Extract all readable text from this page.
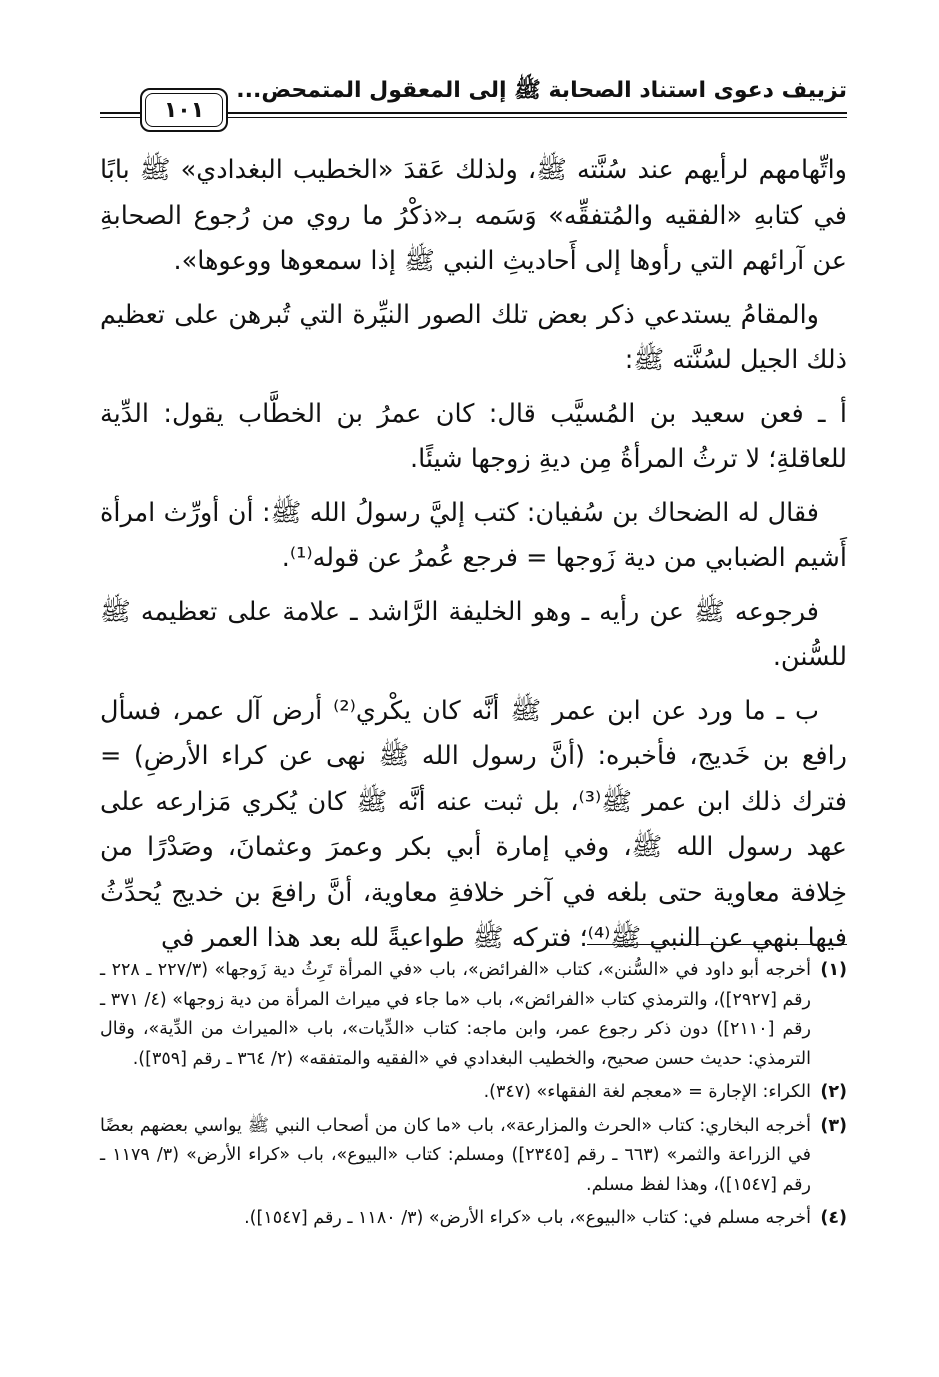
تزييف دعوى استناد الصحابة ﷺ إلى المعقول المتمحض...
١٠١

واتِّهامهم لرأيهم عند سُنَّته ﷺ، ولذلك عَقدَ «الخطيب البغدادي» ﷺ بابًا في كتابهِ «الفقيه والمُتفقِّه» وَسَمه بـ«ذكْرُ ما روي من رُجوع الصحابةِ عن آرائهم التي رأوها إلى أَحاديثِ النبي ﷺ إذا سمعوها ووعوها».

والمقامُ يستدعي ذكر بعض تلك الصور النيِّرة التي تُبرهن على تعظيم ذلك الجيل لسُنَّته ﷺ:

أ ـ فعن سعيد بن المُسيَّب قال: كان عمرُ بن الخطَّاب يقول: الدِّية للعاقلةِ؛ لا ترثُ المرأةُ مِن ديةِ زوجها شيئًا.

فقال له الضحاك بن سُفيان: كتب إليَّ رسولُ الله ﷺ: أن أورِّث امرأة أَشيم الضبابي من دية زَوجها = فرجع عُمرُ عن قوله⁽¹⁾.

فرجوعه ﷺ عن رأيه ـ وهو الخليفة الرَّاشد ـ علامة على تعظيمه ﷺ للسُّنن.

ب ـ ما ورد عن ابن عمر ﷺ أنَّه كان يكْري⁽²⁾ أرض آل عمر، فسأل رافع بن خَديج، فأخبره: (أنَّ رسول الله ﷺ نهى عن كراء الأرضِ) = فترك ذلك ابن عمر ﷺ⁽³⁾، بل ثبت عنه أنَّه ﷺ كان يُكري مَزارعه على عهد رسول الله ﷺ، وفي إمارة أبي بكر وعمرَ وعثمانَ، وصَدْرًا من خِلافة معاوية حتى بلغه في آخر خلافةِ معاوية، أنَّ رافعَ بن خديج يُحدِّثُ فيها بنهي عن النبي ﷺ⁽⁴⁾؛ فتركه ﷺ طواعيةً لله بعد هذا العمر في

(١)
أخرجه أبو داود في «السُّنن»، كتاب «الفرائض»، باب «في المرأة تَرِثُ دية زَوجها» (٢٢٧/٣ ـ ٢٢٨ ـ رقم [٢٩٢٧])، والترمذي كتاب «الفرائض»، باب «ما جاء في ميراث المرأة من دية زوجها» (٤/ ٣٧١ ـ رقم [٢١١٠]) دون ذكر رجوع عمر، وابن ماجه: كتاب «الدِّيات»، باب «الميراث من الدِّية»، وقال الترمذي: حديث حسن صحيح، والخطيب البغدادي في «الفقيه والمتفقه» (٢/ ٣٦٤ ـ رقم [٣٥٩]).
(٢)
الكراء: الإجارة = «معجم لغة الفقهاء» (٣٤٧).
(٣)
أخرجه البخاري: كتاب «الحرث والمزارعة»، باب «ما كان من أصحاب النبي ﷺ يواسي بعضهم بعضًا في الزراعة والثمر» (٦٦٣ ـ رقم [٢٣٤٥]) ومسلم: كتاب «البيوع»، باب «كراء الأرض» (٣/ ١١٧٩ ـ رقم [١٥٤٧])، وهذا لفظ مسلم.
(٤)
أخرجه مسلم في: كتاب «البيوع»، باب «كراء الأرض» (٣/ ١١٨٠ ـ رقم [١٥٤٧]).
